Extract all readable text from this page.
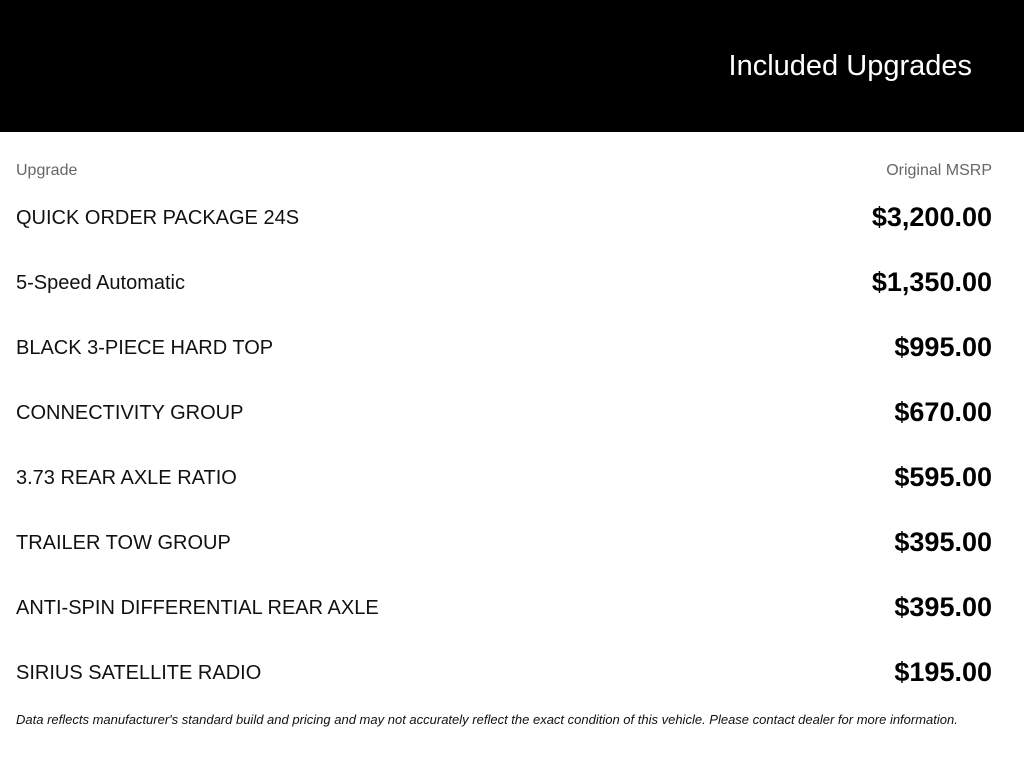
Included Upgrades
Upgrade	Original MSRP
QUICK ORDER PACKAGE 24S	$3,200.00
5-Speed Automatic	$1,350.00
BLACK 3-PIECE HARD TOP	$995.00
CONNECTIVITY GROUP	$670.00
3.73 REAR AXLE RATIO	$595.00
TRAILER TOW GROUP	$395.00
ANTI-SPIN DIFFERENTIAL REAR AXLE	$395.00
SIRIUS SATELLITE RADIO	$195.00
Data reflects manufacturer's standard build and pricing and may not accurately reflect the exact condition of this vehicle. Please contact dealer for more information.
